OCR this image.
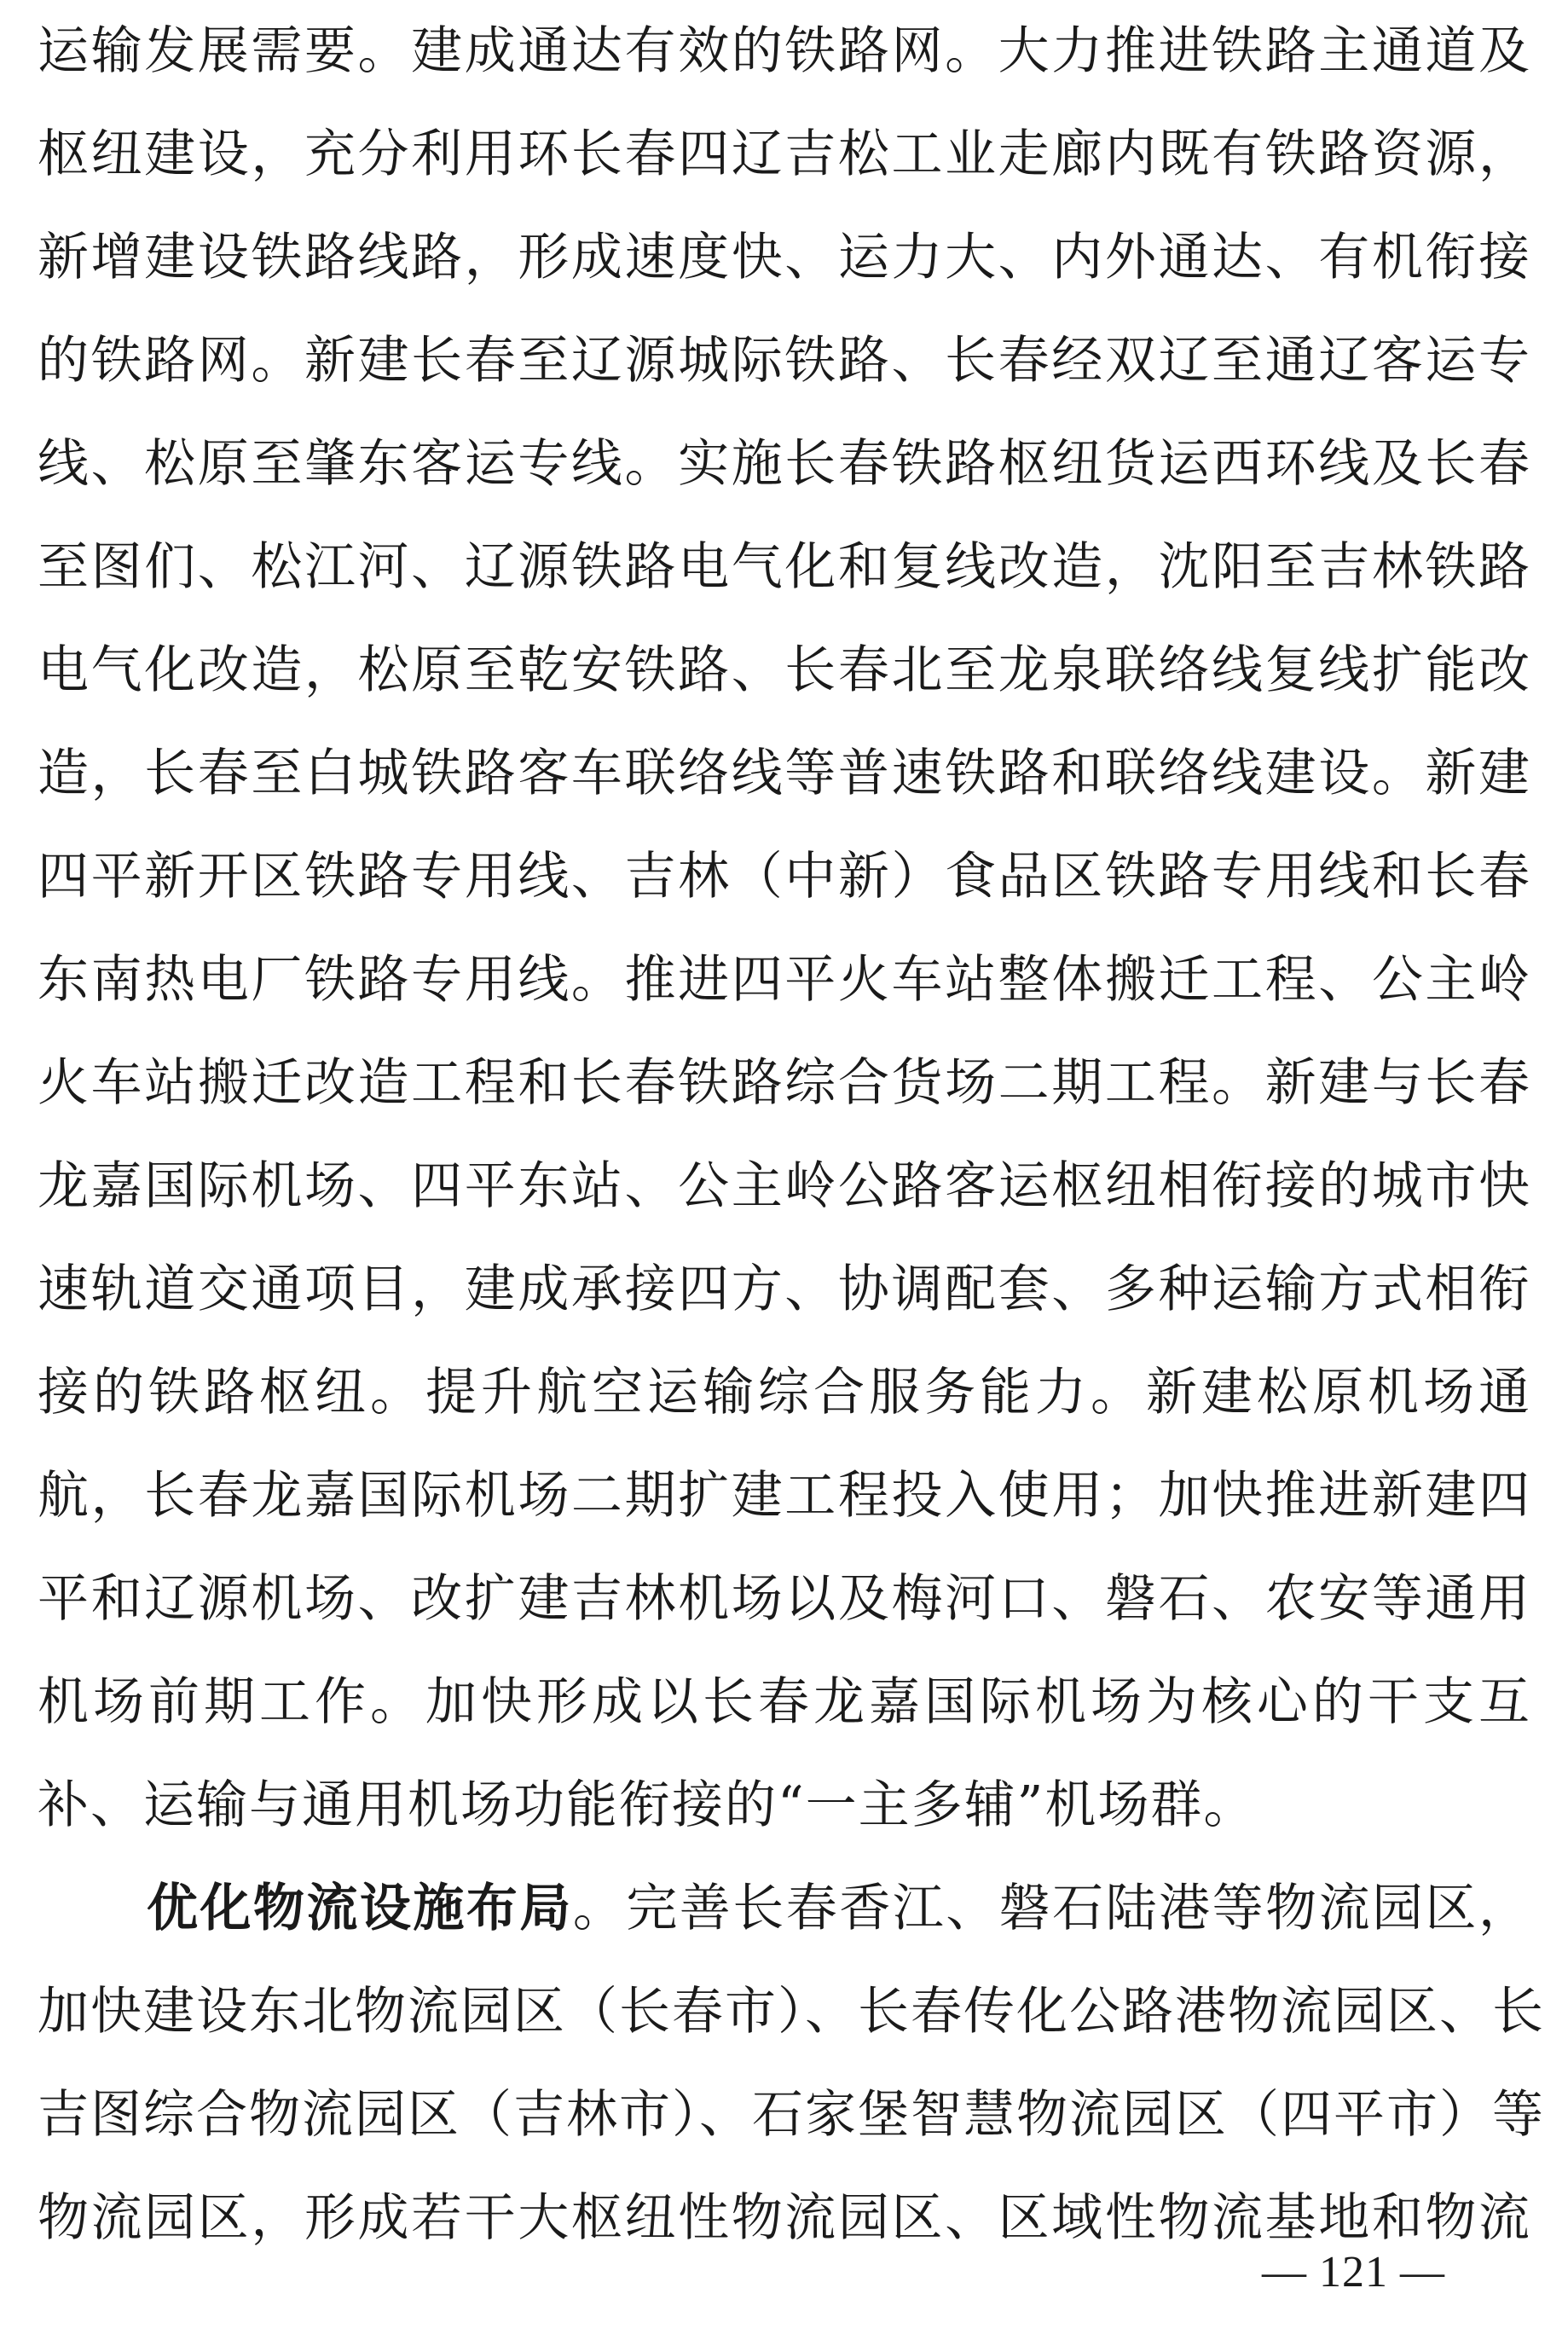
运输发展需要。建成通达有效的铁路网。大力推进铁路主通道及
枢纽建设，充分利用环长春四辽吉松工业走廊内既有铁路资源，
新增建设铁路线路，形成速度快、运力大、内外通达、有机衔接
的铁路网。新建长春至辽源城际铁路、长春经双辽至通辽客运专
线、松原至肇东客运专线。实施长春铁路枢纽货运西环线及长春
至图们、松江河、辽源铁路电气化和复线改造，沈阳至吉林铁路
电气化改造，松原至乾安铁路、长春北至龙泉联络线复线扩能改
造，长春至白城铁路客车联络线等普速铁路和联络线建设。新建
四平新开区铁路专用线、吉林（中新）食品区铁路专用线和长春
东南热电厂铁路专用线。推进四平火车站整体搬迁工程、公主岭
火车站搬迁改造工程和长春铁路综合货场二期工程。新建与长春
龙嘉国际机场、四平东站、公主岭公路客运枢纽相衔接的城市快
速轨道交通项目，建成承接四方、协调配套、多种运输方式相衔
接的铁路枢纽。提升航空运输综合服务能力。新建松原机场通
航，长春龙嘉国际机场二期扩建工程投入使用；加快推进新建四
平和辽源机场、改扩建吉林机场以及梅河口、磐石、农安等通用
机场前期工作。加快形成以长春龙嘉国际机场为核心的干支互
补、运输与通用机场功能衔接的“一主多辅”机场群。
优化物流设施布局。完善长春香江、磐石陆港等物流园区，
加快建设东北物流园区（长春市）、长春传化公路港物流园区、长
吉图综合物流园区（吉林市）、石家堡智慧物流园区（四平市）等
物流园区，形成若干大枢纽性物流园区、区域性物流基地和物流
— 121 —
